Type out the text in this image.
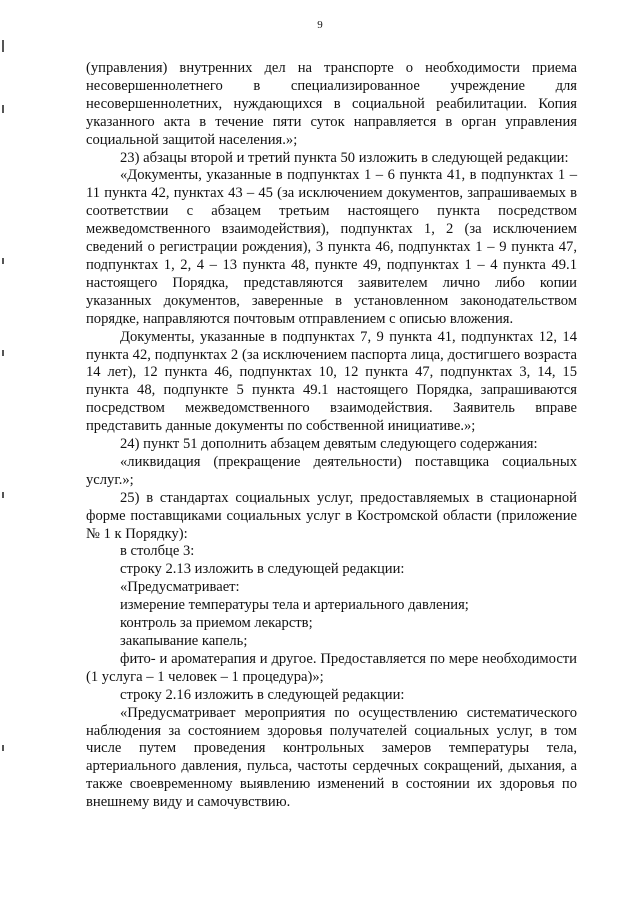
9

(управления) внутренних дел на транспорте о необходимости приема несовершеннолетнего в специализированное учреждение для несовершеннолетних, нуждающихся в социальной реабилитации. Копия указанного акта в течение пяти суток направляется в орган управления социальной защитой населения.»;

23) абзацы второй и третий пункта 50 изложить в следующей редакции:

«Документы, указанные в подпунктах 1 – 6 пункта 41, в подпунктах 1 – 11 пункта 42, пунктах 43 – 45 (за исключением документов, запрашиваемых в соответствии с абзацем третьим настоящего пункта посредством межведомственного взаимодействия), подпунктах 1, 2 (за исключением сведений о регистрации рождения), 3 пункта 46, подпунктах 1 – 9 пункта 47, подпунктах 1, 2, 4 – 13 пункта 48, пункте 49, подпунктах 1 – 4 пункта 49.1 настоящего Порядка, представляются заявителем лично либо копии указанных документов, заверенные в установленном законодательством порядке, направляются почтовым отправлением с описью вложения.

Документы, указанные в подпунктах 7, 9 пункта 41, подпунктах 12, 14 пункта 42, подпунктах 2 (за исключением паспорта лица, достигшего возраста 14 лет), 12 пункта 46, подпунктах 10, 12 пункта 47, подпунктах 3, 14, 15 пункта 48, подпункте 5 пункта 49.1 настоящего Порядка, запрашиваются посредством межведомственного взаимодействия. Заявитель вправе представить данные документы по собственной инициативе.»;

24) пункт 51 дополнить абзацем девятым следующего содержания:

«ликвидация (прекращение деятельности) поставщика социальных услуг.»;

25) в стандартах социальных услуг, предоставляемых в стационарной форме поставщиками социальных услуг в Костромской области (приложение № 1 к Порядку):

в столбце 3:

строку 2.13 изложить в следующей редакции:

«Предусматривает:

измерение температуры тела и артериального давления;

контроль за приемом лекарств;

закапывание капель;

фито- и ароматерапия и другое. Предоставляется по мере необходимости (1 услуга – 1 человек – 1 процедура)»;

строку 2.16 изложить в следующей редакции:

«Предусматривает мероприятия по осуществлению систематического наблюдения за состоянием здоровья получателей социальных услуг, в том числе путем проведения контрольных замеров температуры тела, артериального давления, пульса, частоты сердечных сокращений, дыхания, а также своевременному выявлению изменений в состоянии их здоровья по внешнему виду и самочувствию.
